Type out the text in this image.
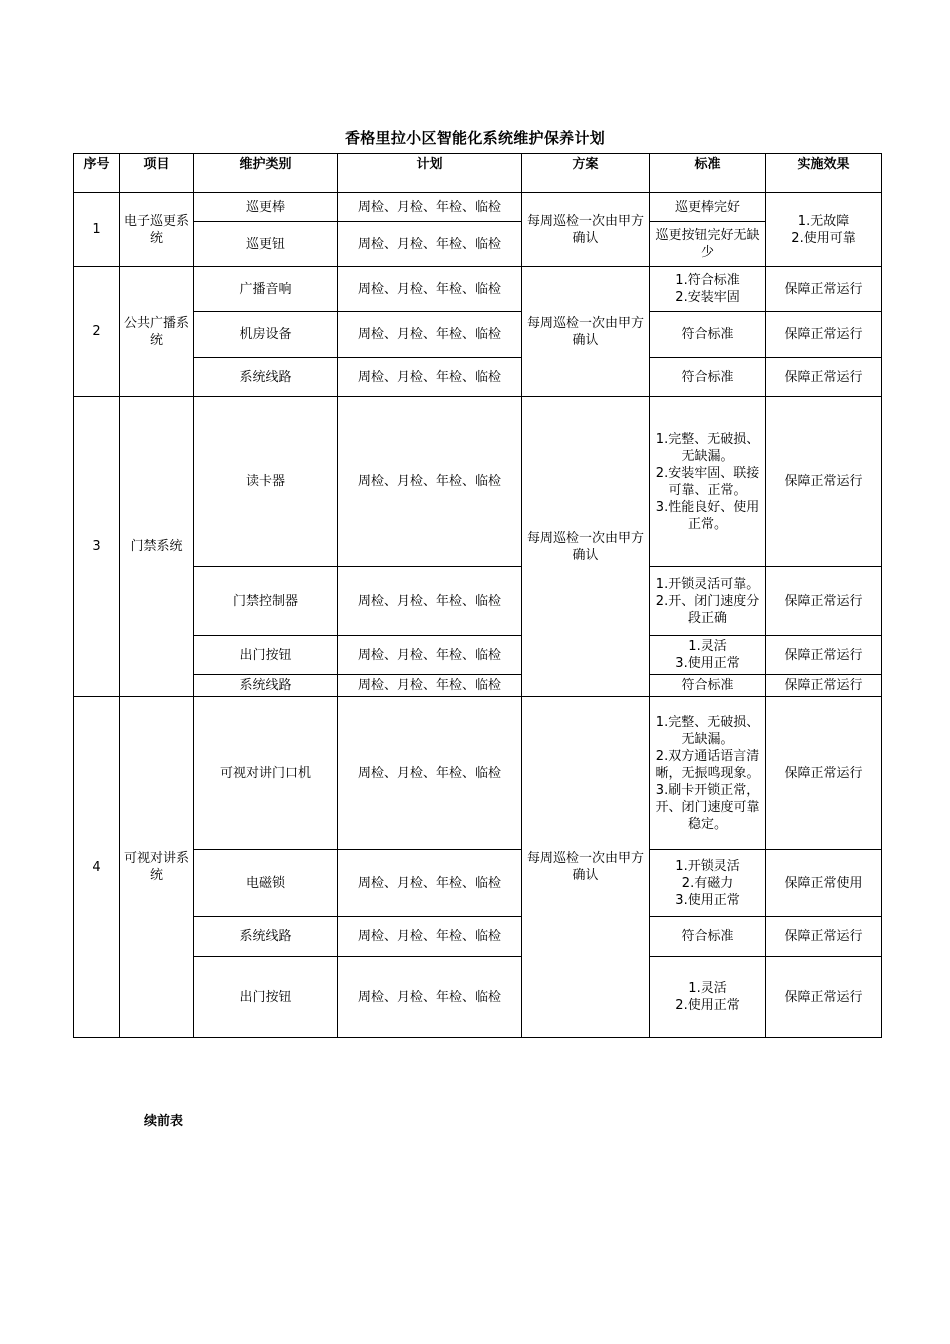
香格里拉小区智能化系统维护保养计划
序号	项目	维护类别	计划	方案	标准	实施效果
1	电子巡更系统	巡更棒	周检、月检、年检、临检	每周巡检一次由甲方确认	巡更棒完好	1.无故障
2.使用可靠
		巡更钮	周检、月检、年检、临检		巡更按钮完好无缺少	
2	公共广播系统	广播音响	周检、月检、年检、临检	每周巡检一次由甲方确认	1.符合标准
2.安装牢固	保障正常运行
		机房设备	周检、月检、年检、临检		符合标准	保障正常运行
		系统线路	周检、月检、年检、临检		符合标准	保障正常运行
3	门禁系统	读卡器	周检、月检、年检、临检	每周巡检一次由甲方确认	1.完整、无破损、无缺漏。
2.安装牢固、联接可靠、正常。
3.性能良好、使用正常。	保障正常运行
		门禁控制器	周检、月检、年检、临检		1.开锁灵活可靠。
2.开、闭门速度分段正确	保障正常运行
		出门按钮	周检、月检、年检、临检		1.灵活
3.使用正常	保障正常运行
		系统线路	周检、月检、年检、临检		符合标准	保障正常运行
4	可视对讲系统	可视对讲门口机	周检、月检、年检、临检	每周巡检一次由甲方确认	1.完整、无破损、无缺漏。
2.双方通话语言清晰，无振鸣现象。
3.刷卡开锁正常，开、闭门速度可靠稳定。	保障正常运行
		电磁锁	周检、月检、年检、临检		1.开锁灵活
2.有磁力
3.使用正常	保障正常使用
		系统线路	周检、月检、年检、临检		符合标准	保障正常运行
		出门按钮	周检、月检、年检、临检		1.灵活
2.使用正常	保障正常运行
续前表
